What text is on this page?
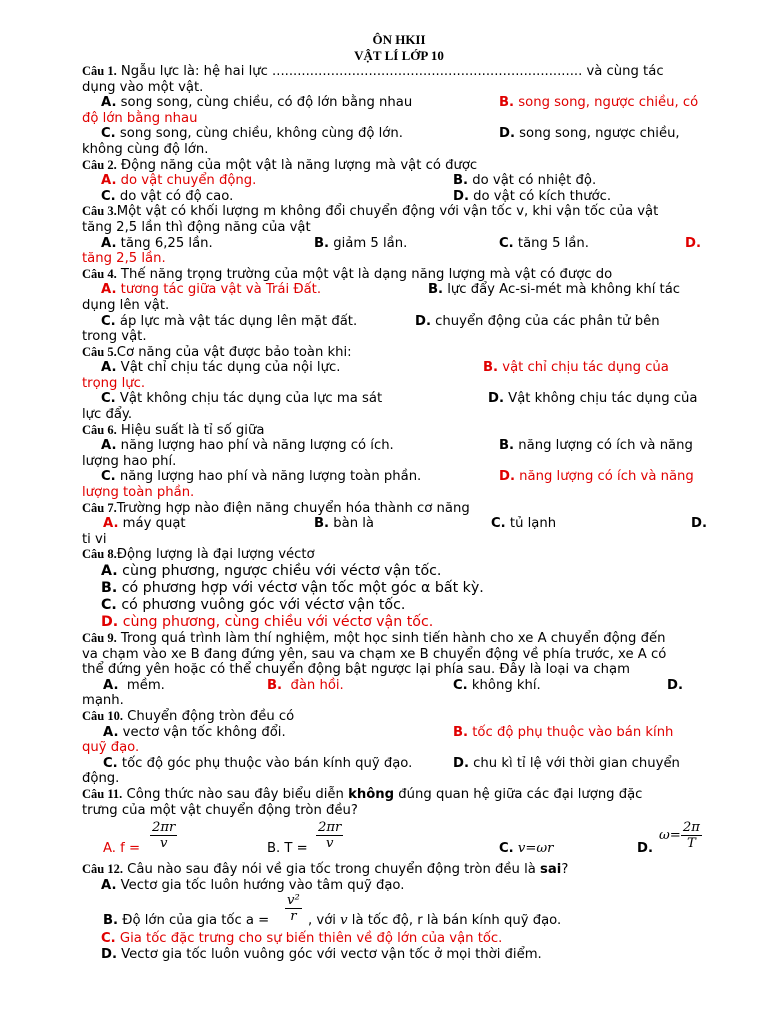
ÔN HKII
VẬT LÍ LỚP 10
Câu 1. Ngẫu lực là: hệ hai lực .......................................................................... và cùng tác
dụng vào một vật.
A. song song, cùng chiều, có độ lớn bằng nhau	B. song song, ngược chiều, có
độ lớn bằng nhau
C. song song, cùng chiều, không cùng độ lớn.	D. song song, ngược chiều,
không cùng độ lớn.
Câu 2. Động năng của một vật là năng lượng mà vật có được
A. do vật chuyển động.	B. do vật có nhiệt độ.
C. do vật có độ cao.	D. do vật có kích thước.
Câu 3.Một vật có khối lượng m không đổi chuyển động với vận tốc v, khi vận tốc của vật
tăng 2,5 lần thì động năng của vật
A. tăng 6,25 lần.	B. giảm 5 lần.	C. tăng 5 lần.	D.
tăng 2,5 lần.
Câu 4. Thế năng trọng trường của một vật là dạng năng lượng mà vật có được do
A. tương tác giữa vật và Trái Đất.	B. lực đẩy Ac-si-mét mà không khí tác
dụng lên vật.
C. áp lực mà vật tác dụng lên mặt đất.	D. chuyển động của các phân tử bên
trong vật.
Câu 5.Cơ năng của vật được bảo toàn khi:
A. Vật chỉ chịu tác dụng của nội lực.	B. vật chỉ chịu tác dụng của
trọng lực.
C. Vật không chịu tác dụng của lực ma sát	D. Vật không chịu tác dụng của
lực đẩy.
Câu 6. Hiệu suất là tỉ số giữa
A. năng lượng hao phí và năng lượng có ích.	B. năng lượng có ích và năng
lượng hao phí.
C. năng lượng hao phí và năng lượng toàn phần.	D. năng lượng có ích và năng
lượng toàn phần.
Câu 7.Trường hợp nào điện năng chuyển hóa thành cơ năng
A. máy quạt	B. bàn là	C. tủ lạnh	D.
ti vi
Câu 8.Động lượng là đại lượng véctơ
A. cùng phương, ngược chiều với véctơ vận tốc.
B. có phương hợp với véctơ vận tốc một góc α bất kỳ.
C. có phương vuông góc với véctơ vận tốc.
D. cùng phương, cùng chiều với véctơ vận tốc.
Câu 9. Trong quá trình làm thí nghiệm, một học sinh tiến hành cho xe A chuyển động đến
va chạm vào xe B đang đứng yên, sau va chạm xe B chuyển động về phía trước, xe A có
thể đứng yên hoặc có thể chuyển động bật ngược lại phía sau. Đây là loại va chạm
A. mềm.	B. đàn hồi.	C. không khí.	D.
mạnh.
Câu 10. Chuyển động tròn đều có
A. vectơ vận tốc không đổi.	B. tốc độ phụ thuộc vào bán kính
quỹ đạo.
C. tốc độ góc phụ thuộc vào bán kính quỹ đạo.	D. chu kì tỉ lệ với thời gian chuyển
động.
Câu 11. Công thức nào sau đây biểu diễn không đúng quan hệ giữa các đại lượng đặc
trưng của một vật chuyển động tròn đều?
A. $f = \frac{2\pi r}{v}$	B. $T = \frac{2\pi r}{v}$	C. v=ωr	D.
$\omega= \frac{2\pi}{T}$
Câu 12. Câu nào sau đây nói về gia tốc trong chuyển động tròn đều là sai?
A. Vectơ gia tốc luôn hướng vào tâm quỹ đạo.
B. Độ lớn của gia tốc $a = \frac{\text{v²}}{r}$ , với v là tốc độ, r là bán kính quỹ đạo.
C. Gia tốc đặc trưng cho sự biến thiên về độ lớn của vận tốc.
D. Vectơ gia tốc luôn vuông góc với vectơ vận tốc ở mọi thời điểm.
